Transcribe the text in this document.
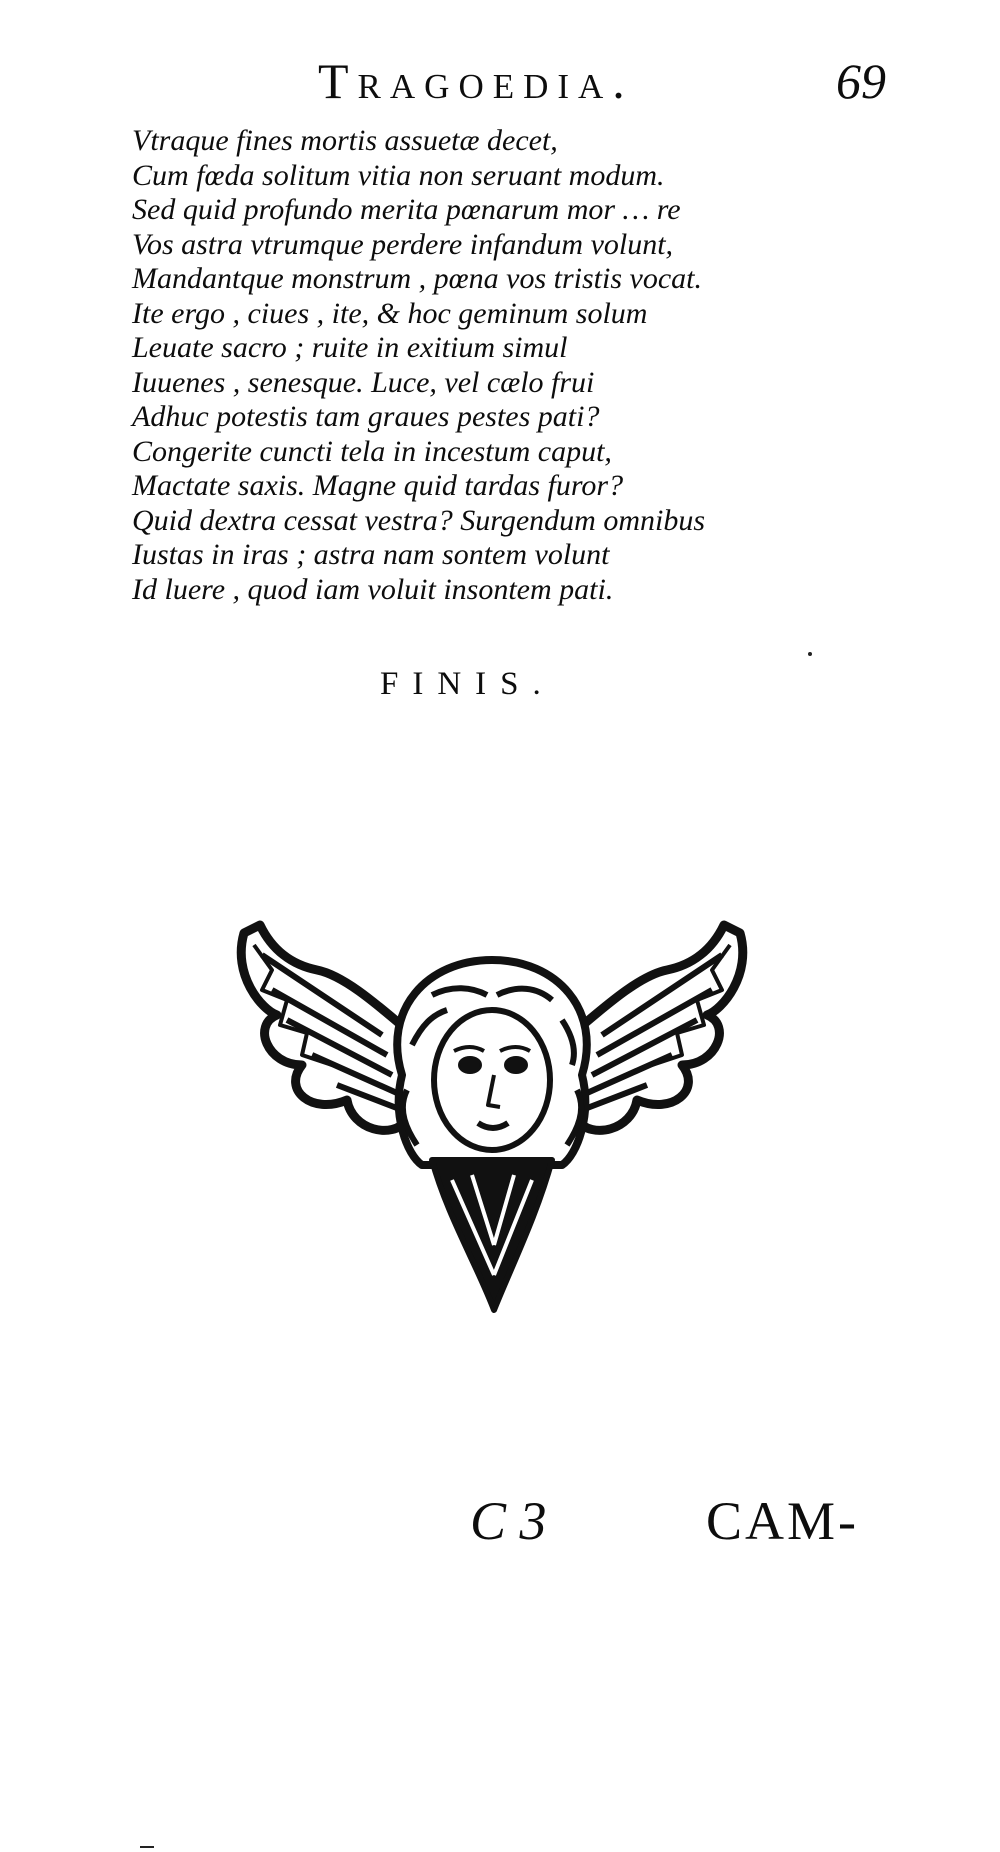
Tragoedia.	69
Vtraque fines mortis assuetæ decet,
Cum fœda solitum vitia non seruant modum.
Sed quid profundo merita pœnarum mor … re
Vos astra vtrumque perdere infandum volunt,
Mandantque monstrum , pœna vos tristis vocat.
Ite ergo , ciues , ite, & hoc geminum solum
Leuate sacro ; ruite in exitium simul
Iuuenes , senesque. Luce, vel cælo frui
Adhuc potestis tam graues pestes pati?
Congerite cuncti tela in incestum caput,
Mactate saxis. Magne quid tardas furor?
Quid dextra cessat vestra? Surgendum omnibus
Iustas in iras ; astra nam sontem volunt
Id luere , quod iam voluit insontem pati.
FINIS.
C 3	CAM-
